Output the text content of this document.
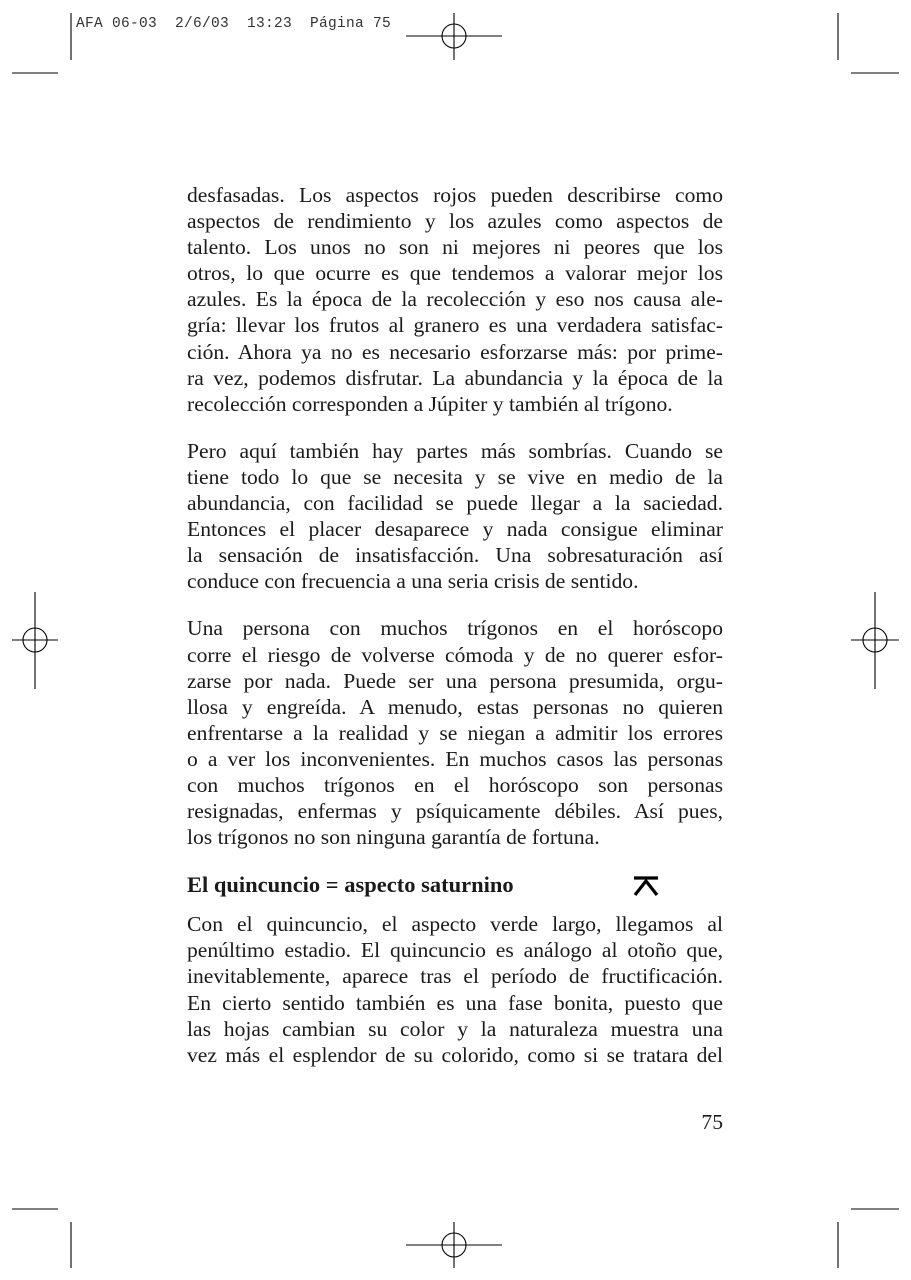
AFA 06-03  2/6/03  13:23  Página 75
desfasadas. Los aspectos rojos pueden describirse como
aspectos de rendimiento y los azules como aspectos de
talento. Los unos no son ni mejores ni peores que los
otros, lo que ocurre es que tendemos a valorar mejor los
azules. Es la época de la recolección y eso nos causa ale-
gría: llevar los frutos al granero es una verdadera satisfac-
ción. Ahora ya no es necesario esforzarse más: por prime-
ra vez, podemos disfrutar. La abundancia y la época de la
recolección corresponden a Júpiter y también al trígono.
Pero aquí también hay partes más sombrías. Cuando se
tiene todo lo que se necesita y se vive en medio de la
abundancia, con facilidad se puede llegar a la saciedad.
Entonces el placer desaparece y nada consigue eliminar
la sensación de insatisfacción. Una sobresaturación así
conduce con frecuencia a una seria crisis de sentido.
Una persona con muchos trígonos en el horóscopo
corre el riesgo de volverse cómoda y de no querer esfor-
zarse por nada. Puede ser una persona presumida, orgu-
llosa y engreída. A menudo, estas personas no quieren
enfrentarse a la realidad y se niegan a admitir los errores
o a ver los inconvenientes. En muchos casos las personas
con muchos trígonos en el horóscopo son personas
resignadas, enfermas y psíquicamente débiles. Así pues,
los trígonos no son ninguna garantía de fortuna.
El quincuncio = aspecto saturnino
Con el quincuncio, el aspecto verde largo, llegamos al
penúltimo estadio. El quincuncio es análogo al otoño que,
inevitablemente, aparece tras el período de fructificación.
En cierto sentido también es una fase bonita, puesto que
las hojas cambian su color y la naturaleza muestra una
vez más el esplendor de su colorido, como si se tratara del
75
